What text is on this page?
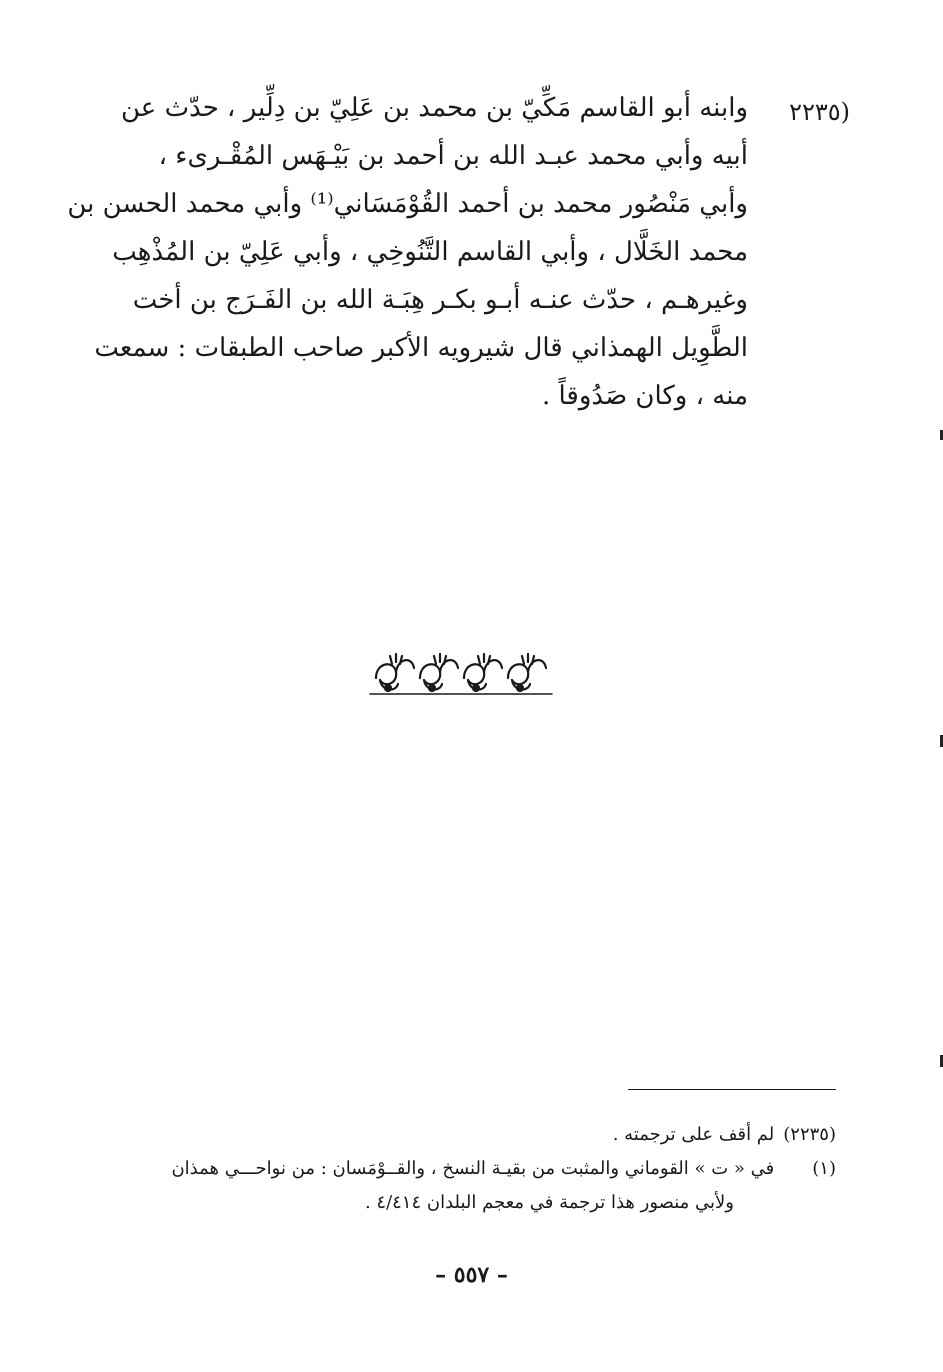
(٢٢٣٥
وابنه أبو القاسم مَكِّيّ بن محمد بن عَلِيّ بن دِلِّير ، حدّث عن
أبيه وأبي محمد عبـد الله بن أحمد بن بَيْـهَس المُقْـرىء ،
وأبي مَنْصُور محمد بن أحمد القُوْمَسَاني⁽¹⁾ وأبي محمد الحسن بن
محمد الخَلَّال ، وأبي القاسم التَّنُوخِي ، وأبي عَلِيّ بن المُذْهِب
وغيرهـم ، حدّث عنـه أبـو بكـر هِبَـة الله بن الفَـرَج بن أخت
الطَّوِيل الهمذاني قال شيرويه الأكبر صاحب الطبقات : سمعت
منه ، وكان صَدُوقاً .
(٢٢٣٥) لم أقف على ترجمته .
(١) في « ت » القوماني والمثبت من بقيـة النسخ ، والقــوْمَسان : من نواحـــي همذان
ولأبي منصور هذا ترجمة في معجم البلدان ٤/٤١٤ .
– ٥٥٧ –
